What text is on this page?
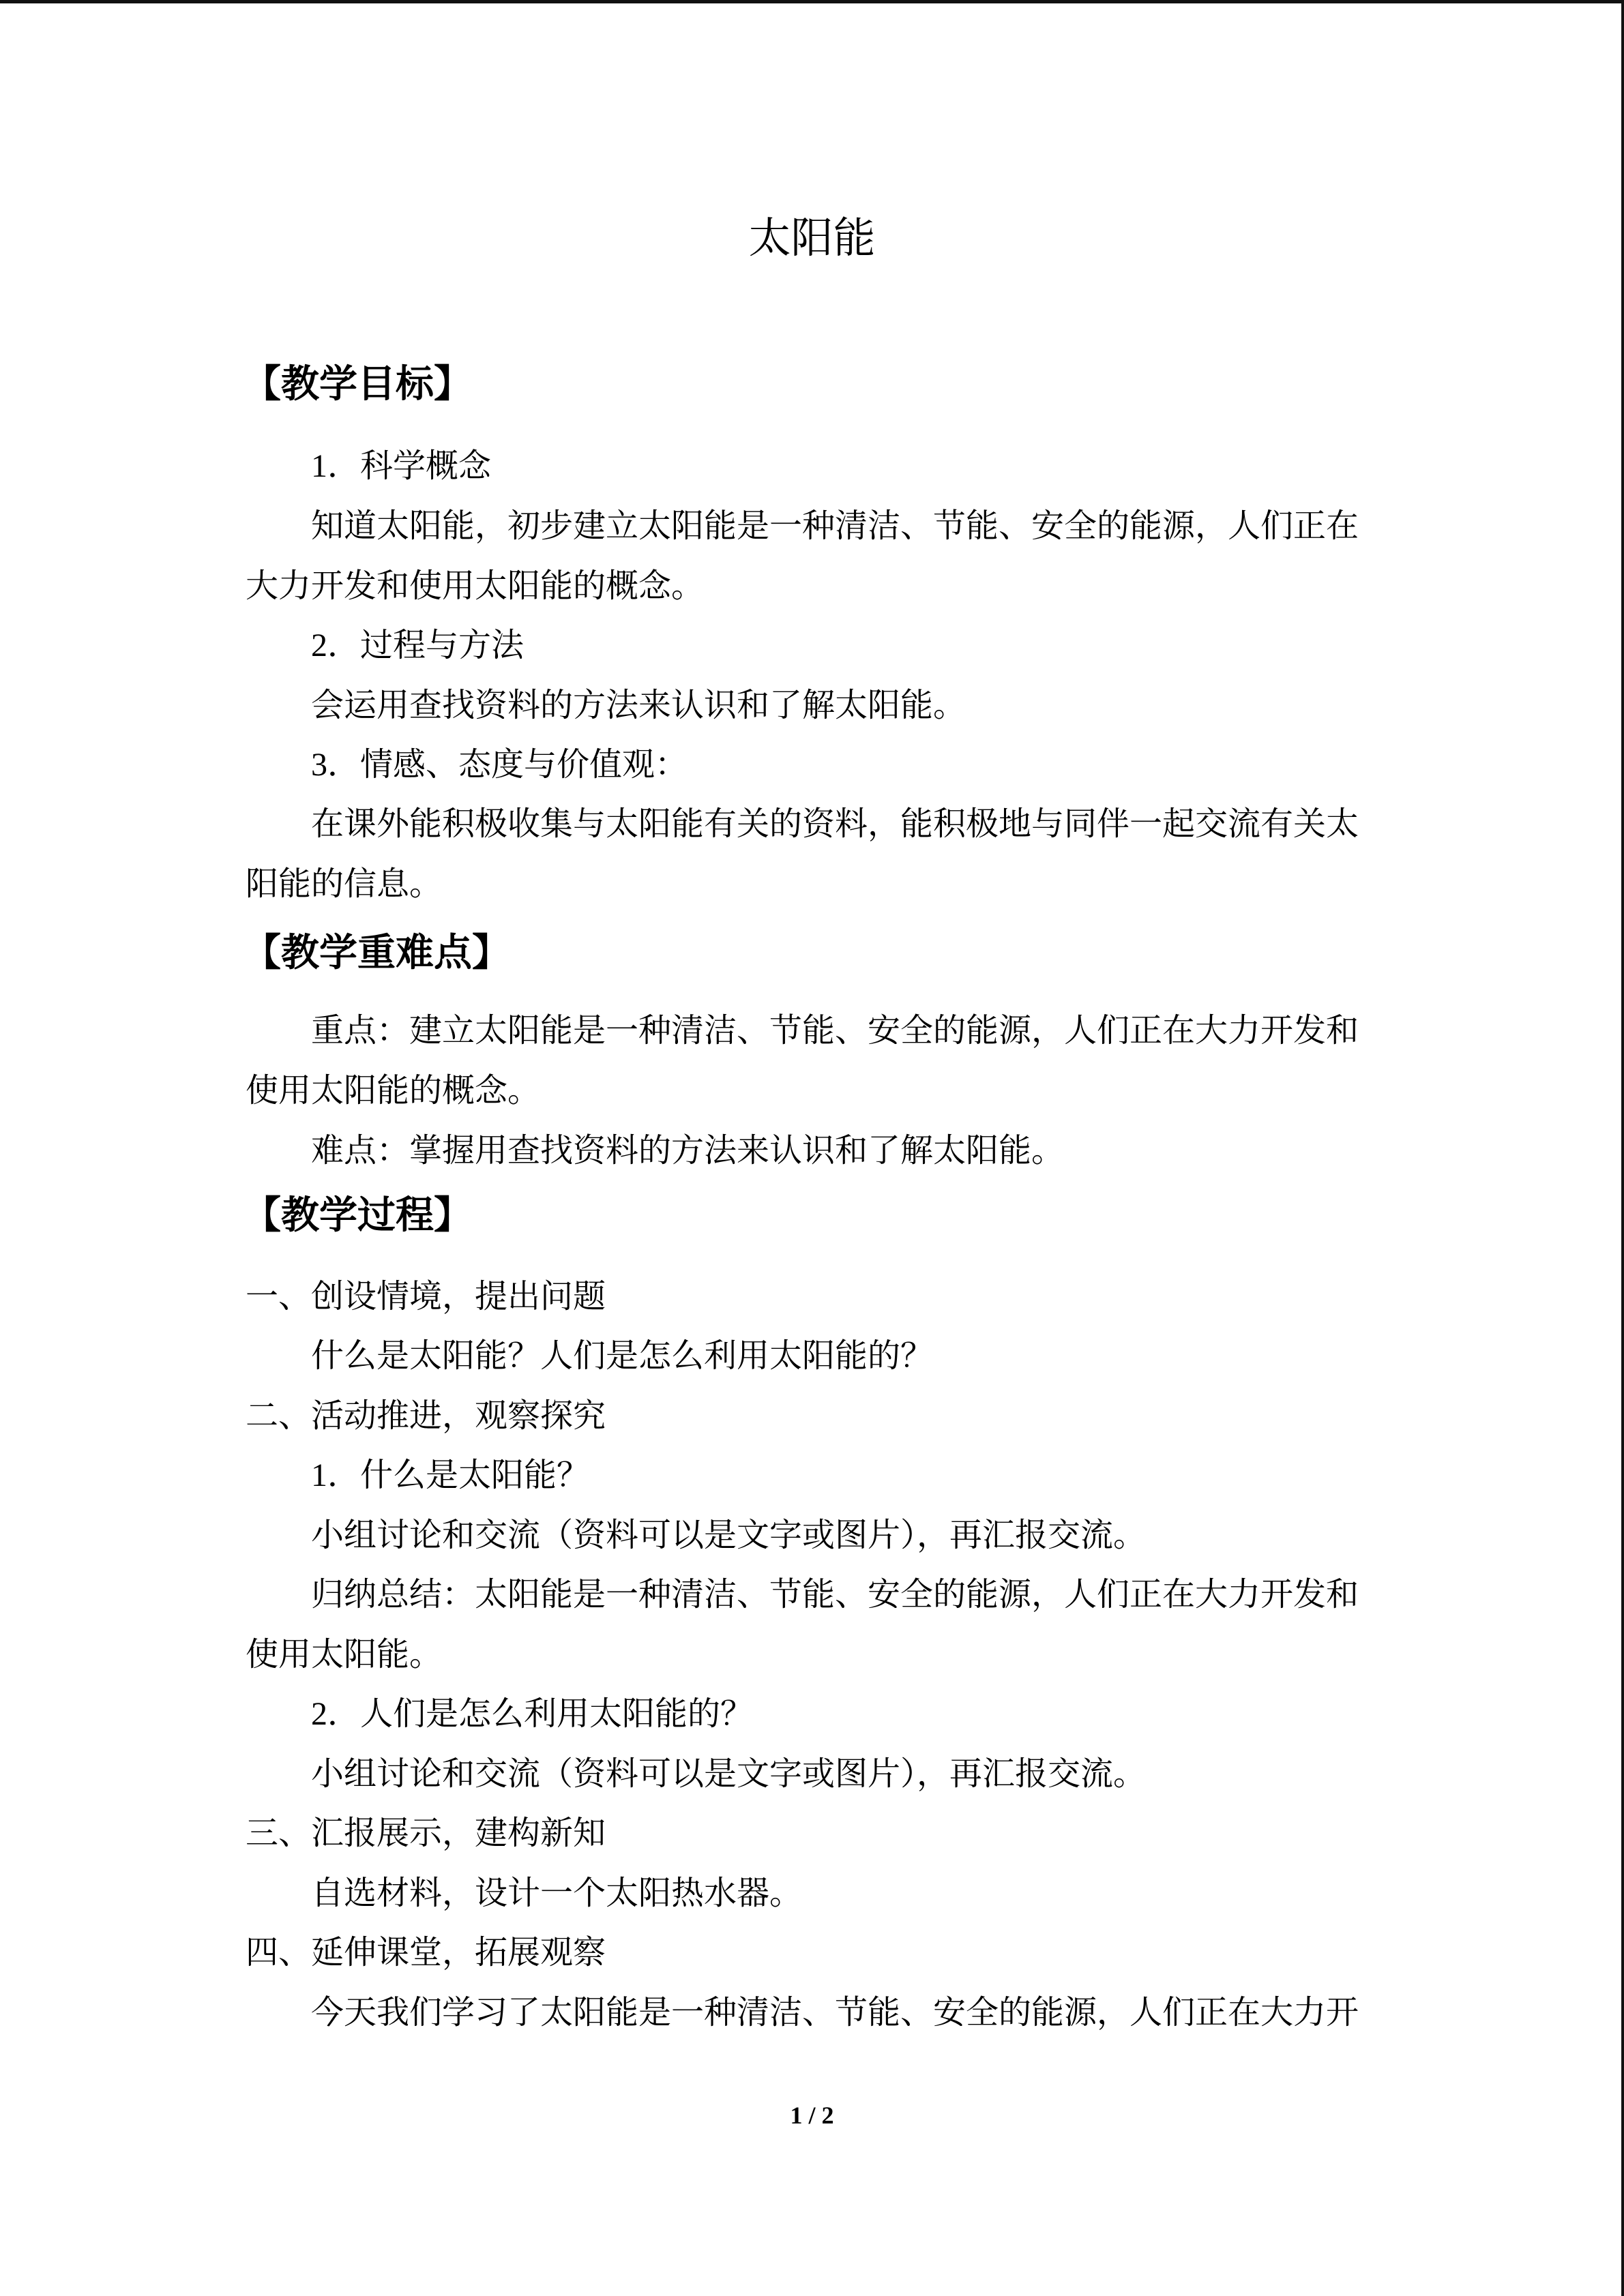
太阳能
【教学目标】

1．科学概念

知道太阳能，初步建立太阳能是一种清洁、节能、安全的能源，人们正在

大力开发和使用太阳能的概念。

2．过程与方法

会运用查找资料的方法来认识和了解太阳能。

3．情感、态度与价值观：

在课外能积极收集与太阳能有关的资料，能积极地与同伴一起交流有关太

阳能的信息。

【教学重难点】

重点：建立太阳能是一种清洁、节能、安全的能源，人们正在大力开发和

使用太阳能的概念。

难点：掌握用查找资料的方法来认识和了解太阳能。

【教学过程】

一、创设情境，提出问题

什么是太阳能？人们是怎么利用太阳能的？

二、活动推进，观察探究

1．什么是太阳能？

小组讨论和交流（资料可以是文字或图片），再汇报交流。

归纳总结：太阳能是一种清洁、节能、安全的能源，人们正在大力开发和

使用太阳能。

2．人们是怎么利用太阳能的？

小组讨论和交流（资料可以是文字或图片），再汇报交流。

三、汇报展示，建构新知

自选材料，设计一个太阳热水器。

四、延伸课堂，拓展观察

今天我们学习了太阳能是一种清洁、节能、安全的能源，人们正在大力开

1 / 2
